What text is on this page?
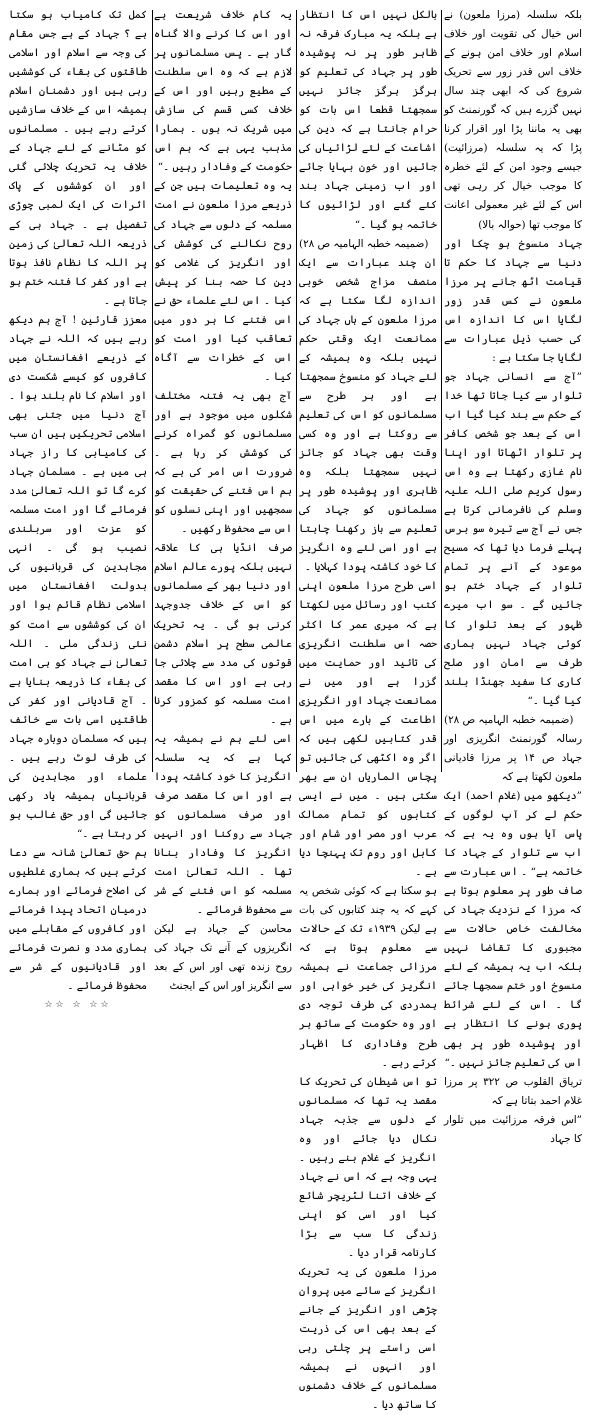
بلکہ سلسلہ (مرزا ملعون) نے اس خیال کی تقویت اور خلاف اسلام اور خلاف امن ہونے کے خلاف اس قدر زور سے تحریک شروع کی کہ ابھی چند سال نہیں گزرے ہیں کہ گورنمنٹ کو بھی یہ ماننا پڑا اور اقرار کرنا پڑا کہ یہ سلسلہ (مرزائیت) جیسے وجود امن کے لئے خطرہ کا موجب خیال کر رہی تھی اس کے لئے غیر معمولی اعانت کا موجب تھا (حوالہ بالا)

جہاد منسوخ ہو چکا اور دنیا سے جہاد کا حکم تا قیامت اٹھ جانے پر مرزا ملعون نے کس قدر زور لگایا اس کا اندازہ اس کی حسب ذیل عبارات سے لگایا جا سکتا ہے :

”آج سے انسانی جہاد جو تلوار سے کیا جاتا تھا خدا کے حکم سے بند کیا گیا اب اس کے بعد جو شخص کافر پر تلوار اٹھاتا اور اپنا نام غازی رکھتا ہے وہ اس رسول کریم صلی اللہ علیہ وسلم کی نافرمانی کرتا ہے جس نے آج سے تیرہ سو برس پہلے فرما دیا تھا کہ مسیح موعود کے آنے پر تمام تلوار کے جہاد ختم ہو جائیں گے ۔ سو اب میرے ظہور کے بعد تلوار کا کوئی جہاد نہیں ہماری طرف سے امان اور صلح کاری کا سفید جھنڈا بلند کیا گیا ۔“

(ضمیمہ خطبہ الہامیہ ص ۲۸)

رسالہ گورنمنٹ انگریزی اور جہاد ص ۱۴ پر مرزا قادیانی ملعون لکھتا ہے کہ

”دیکھو میں (غلام احمد) ایک حکم لے کر آپ لوگوں کے پاس آیا ہوں وہ یہ ہے کہ اب سے تلوار کے جہاد کا خاتمہ ہے“ ۔ اس عبارت سے صاف طور پر معلوم ہوتا ہے کہ مرزا کے نزدیک جہاد کی مخالفت خاص حالات سے مجبوری کا تقاضا نہیں بلکہ اب یہ ہمیشہ کے لئے منسوخ اور ختم سمجھا جائے گا ۔ اس کے لئے شرائط پوری ہونے کا انتظار ہے اور پوشیدہ طور پر بھی اس کی تعلیم جائز نہیں ۔“

تریاق القلوب ص ۳۲۲ پر مرزا غلام احمد بتاتا ہے کہ

”اس فرقہ مرزائیت میں تلوار کا جہاد

بالکل نہیں اس کا انتظار ہے بلکہ یہ مبارک فرقہ نہ ظاہر طور پر نہ پوشیدہ طور پر جہاد کی تعلیم کو ہرگز ہرگز جائز نہیں سمجھتا قطعا اس بات کو حرام جانتا ہے کہ دین کی اشاعت کے لئے لڑائیاں کی جائیں اور خون بہایا جائے اور اب زمینی جہاد بند کئے گئے اور لڑائیوں کا خاتمہ ہو گیا ۔“

(ضمیمہ خطبہ الہامیہ ص ۲۸)

ان چند عبارات سے ایک منصف مزاج شخص خوبی اندازہ لگا سکتا ہے کہ مرزا ملعون کے ہاں جہاد کی ممانعت ایک وقتی حکم نہیں بلکہ وہ ہمیشہ کے لئے جہاد کو منسوخ سمجھتا ہے اور ہر طرح سے مسلمانوں کو اس کی تعلیم سے روکتا ہے اور وہ کسی وقت بھی جہاد کو جائز نہیں سمجھتا بلکہ وہ ظاہری اور پوشیدہ طور پر مسلمانوں کو جہاد کی تعلیم سے باز رکھنا چاہتا ہے اور اسی لئے وہ انگریز کا خود کاشتہ پودا کہلایا ۔

اسی طرح مرزا ملعون اپنی کتب اور رسائل میں لکھتا ہے کہ میری عمر کا اکثر حصہ اس سلطنت انگریزی کی تائید اور حمایت میں گزرا ہے اور میں نے ممانعت جہاد اور انگریزی اطاعت کے بارے میں اس قدر کتابیں لکھی ہیں کہ اگر وہ اکٹھی کی جائیں تو پچاس الماریاں ان سے بھر سکتی ہیں ۔ میں نے ایسی کتابوں کو تمام ممالک عرب اور مصر اور شام اور کابل اور روم تک پہنچا دیا ہے ۔

ہو سکتا ہے کہ کوئی شخص یہ کہے کہ یہ چند کتابوں کی بات ہے لیکن ۱۹۳۹ء تک کے حالات سے معلوم ہوتا ہے کہ مرزائی جماعت نے ہمیشہ انگریز کی خیر خواہی اور ہمدردی کی طرف توجہ دی اور وہ حکومت کے ساتھ ہر طرح وفاداری کا اظہار کرتے رہے ۔

تو اس شیطان کی تحریک کا مقصد یہ تھا کہ مسلمانوں کے دلوں سے جذبہ جہاد نکال دیا جائے اور وہ انگریز کے غلام بنے رہیں ۔ یہی وجہ ہے کہ اس نے جہاد کے خلاف اتنا لٹریچر شائع کیا اور اسی کو اپنی زندگی کا سب سے بڑا کارنامہ قرار دیا ۔

مرزا ملعون کی یہ تحریک انگریز کے سائے میں پروان چڑھی اور انگریز کے جانے کے بعد بھی اس کی ذریت اسی راستے پر چلتی رہی اور انہوں نے ہمیشہ مسلمانوں کے خلاف دشمنوں کا ساتھ دیا ۔

یہ کام خلاف شریعت ہے اور اس کا کرنے والا گناہ گار ہے ۔ پس مسلمانوں پر لازم ہے کہ وہ اس سلطنت کے مطیع رہیں اور اس کے خلاف کسی قسم کی سازش میں شریک نہ ہوں ۔ ہمارا مذہب یہی ہے کہ ہم اس حکومت کے وفادار رہیں ۔“

یہ وہ تعلیمات ہیں جن کے ذریعے مرزا ملعون نے امت مسلمہ کے دلوں سے جہاد کی روح نکالنے کی کوشش کی اور انگریز کی غلامی کو دین کا حصہ بنا کر پیش کیا ۔ اس لئے علماء حق نے اس فتنے کا ہر دور میں تعاقب کیا اور امت کو اس کے خطرات سے آگاہ کیا ۔

آج بھی یہ فتنہ مختلف شکلوں میں موجود ہے اور مسلمانوں کو گمراہ کرنے کی کوشش کر رہا ہے ۔ ضرورت اس امر کی ہے کہ ہم اس فتنے کی حقیقت کو سمجھیں اور اپنی نسلوں کو اس سے محفوظ رکھیں ۔

صرف انڈیا ہی کا علاقہ نہیں بلکہ پورے عالم اسلام اور دنیا بھر کے مسلمانوں کو اس کے خلاف جدوجہد کرنی ہو گی ۔ یہ تحریک عالمی سطح پر اسلام دشمن قوتوں کی مدد سے چلائی جا رہی ہے اور اس کا مقصد امت مسلمہ کو کمزور کرنا ہے ۔

اسی لئے ہم نے ہمیشہ یہ کہا ہے کہ یہ سلسلہ انگریز کا خود کاشتہ پودا ہے اور اس کا مقصد صرف اور صرف مسلمانوں کو جہاد سے روکنا اور انہیں انگریز کا وفادار بنانا تھا ۔ اللہ تعالیٰ امت مسلمہ کو اس فتنے کے شر سے محفوظ فرمائے ۔

محاسن کے جہاد ہے لیکن انگریزوں کے آنے تک جہاد کی روح زندہ تھی اور اس کے بعد سے انگریز اور اس کے ایجنٹ

کمل تک کامیاب ہو سکتا ہے ؟ جہاد کے ہے جس مقام کی وجہ سے اسلام اور اسلامی طاقتوں کی بقاء کی کوششیں رہی ہیں اور دشمنان اسلام ہمیشہ اس کے خلاف سازشیں کرتے رہے ہیں ۔ مسلمانوں کو مٹانے کے لئے جہاد کے خلاف یہ تحریک چلائی گئی اور ان کوششوں کے پاک اثرات کی ایک لمبی چوڑی تفصیل ہے ۔ جہاد ہی کے ذریعہ اللہ تعالیٰ کی زمین پر اللہ کا نظام نافذ ہوتا ہے اور کفر کا فتنہ ختم ہو جاتا ہے ۔

معزز قارئین ! آج ہم دیکھ رہے ہیں کہ اللہ نے جہاد کے ذریعے افغانستان میں کافروں کو کیسے شکست دی اور اسلام کا نام بلند ہوا ۔ آج دنیا میں جتنی بھی اسلامی تحریکیں ہیں ان سب کی کامیابی کا راز جہاد ہی میں ہے ۔ مسلمان جہاد کرے گا تو اللہ تعالیٰ مدد فرمائے گا اور امت مسلمہ کو عزت اور سربلندی نصیب ہو گی ۔ انہی مجاہدین کی قربانیوں کی بدولت افغانستان میں اسلامی نظام قائم ہوا اور ان کی کوششوں سے امت کو نئی زندگی ملی ۔ اللہ تعالیٰ نے جہاد کو ہی امت کی بقاء کا ذریعہ بنایا ہے ۔ آج قادیانی اور کفر کی طاقتیں اسی بات سے خائف ہیں کہ مسلمان دوبارہ جہاد کی طرف لوٹ رہے ہیں ۔ علماء اور مجاہدین کی قربانیاں ہمیشہ یاد رکھی جائیں گی اور حق غالب ہو کر رہتا ہے ۔“

ہم حق تعالیٰ شانہ سے دعا کرتے ہیں کہ ہماری غلطیوں کی اصلاح فرمائے اور ہمارے درمیان اتحاد پیدا فرمائے اور کافروں کے مقابلے میں ہماری مدد و نصرت فرمائے اور قادیانیوں کے شر سے محفوظ فرمائے ۔

☆☆ ☆ ☆☆
